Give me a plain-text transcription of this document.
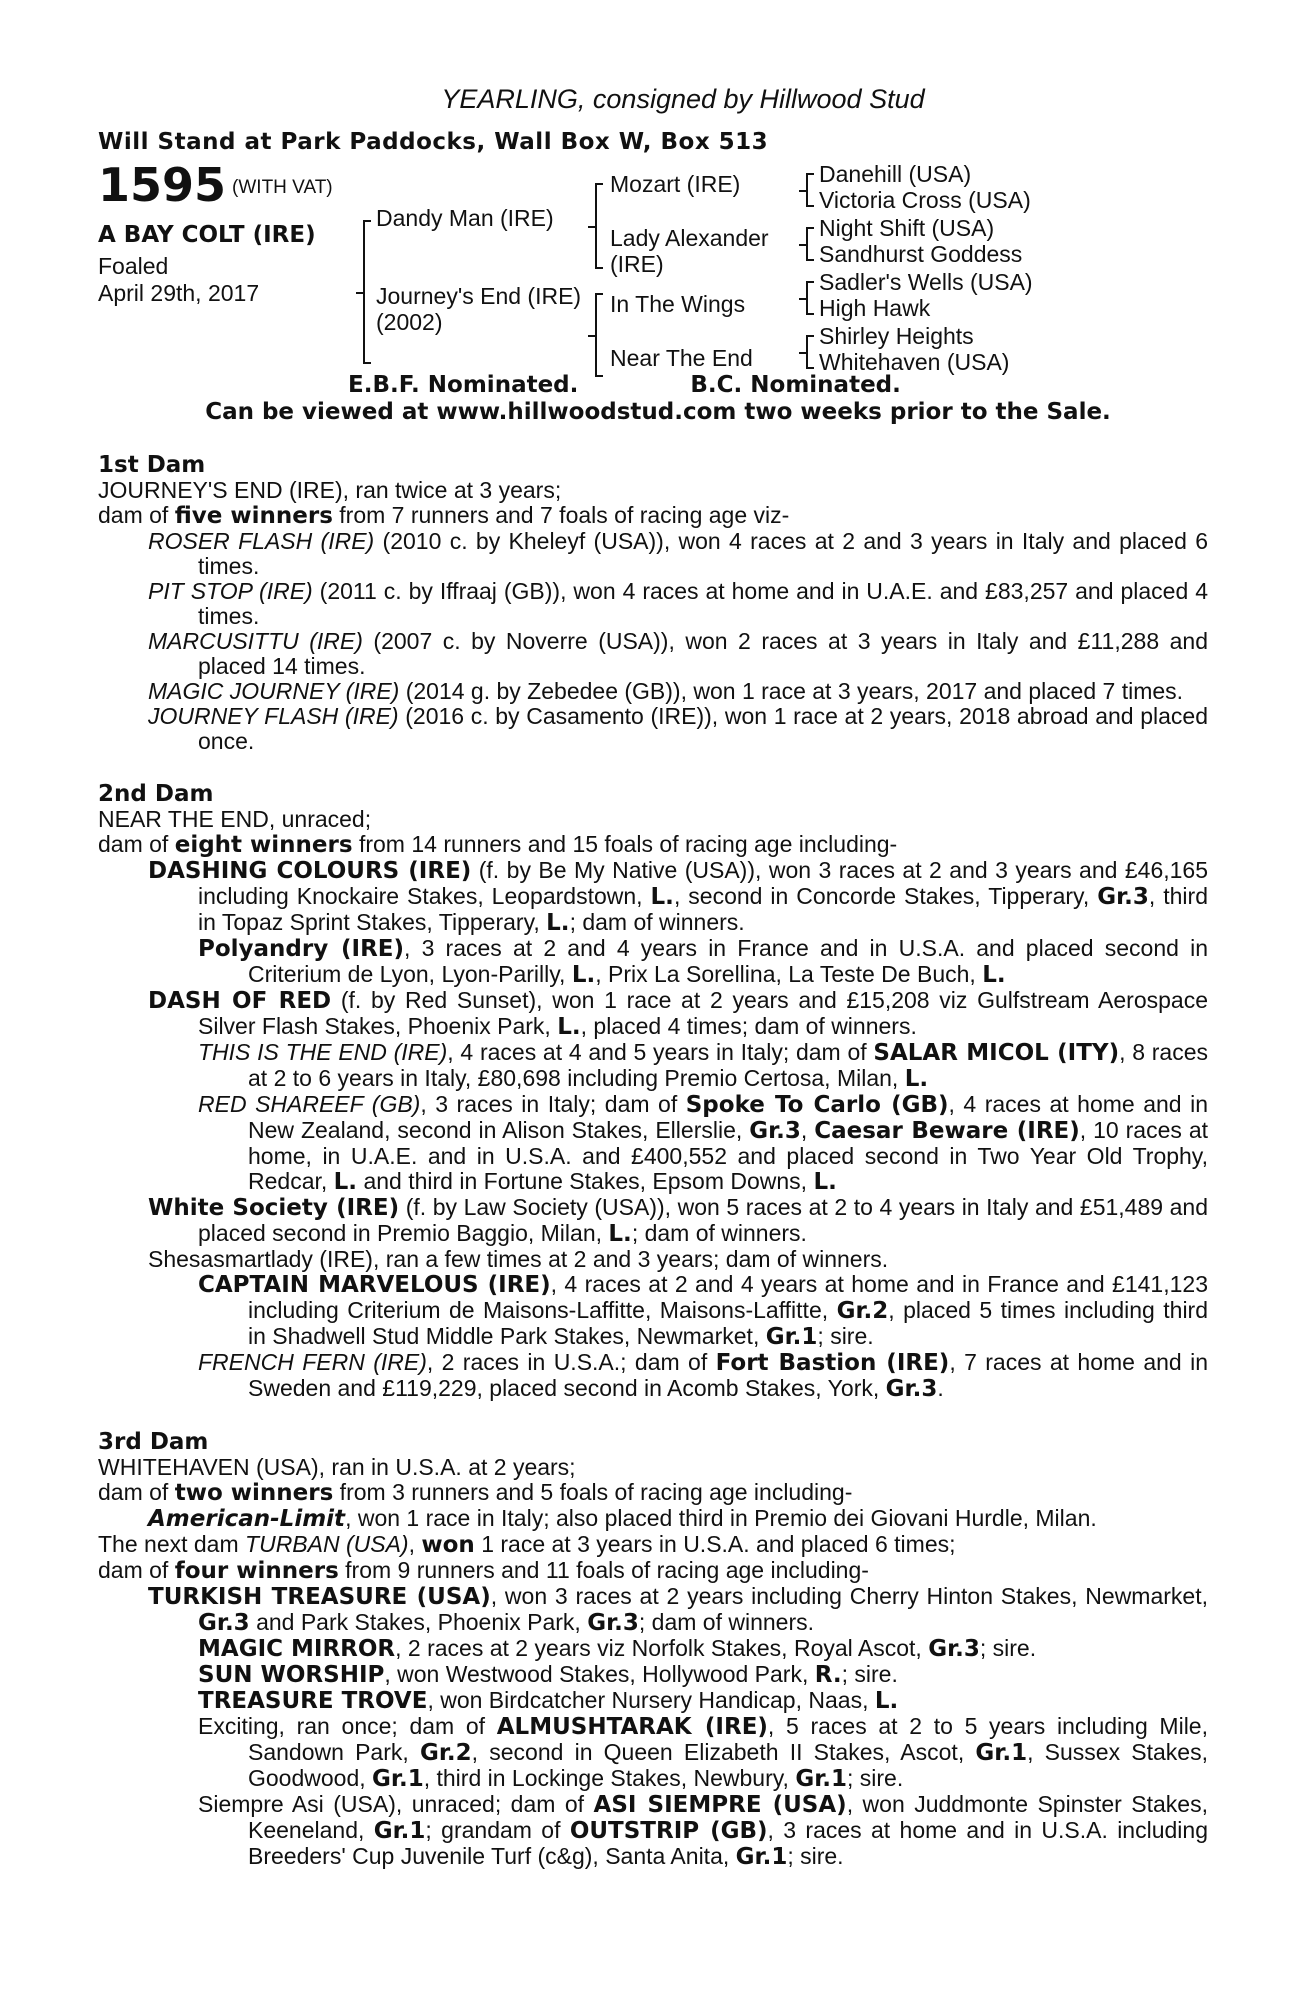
YEARLING, consigned by Hillwood Stud
Will Stand at Park Paddocks, Wall Box W, Box 513
1595 (WITH VAT)
A BAY COLT (IRE)
Foaled
April 29th, 2017
Dandy Man (IRE)
Journey's End (IRE)
(2002)
Mozart (IRE)
Lady Alexander
(IRE)
In The Wings
Near The End
Danehill (USA)
Victoria Cross (USA)
Night Shift (USA)
Sandhurst Goddess
Sadler's Wells (USA)
High Hawk
Shirley Heights
Whitehaven (USA)
E.B.F. Nominated.	B.C. Nominated.
Can be viewed at www.hillwoodstud.com two weeks prior to the Sale.
1st Dam
JOURNEY'S END (IRE), ran twice at 3 years;
dam of five winners from 7 runners and 7 foals of racing age viz-
ROSER FLASH (IRE) (2010 c. by Kheleyf (USA)), won 4 races at 2 and 3 years in Italy and placed 6 times.
PIT STOP (IRE) (2011 c. by Iffraaj (GB)), won 4 races at home and in U.A.E. and £83,257 and placed 4 times.
MARCUSITTU (IRE) (2007 c. by Noverre (USA)), won 2 races at 3 years in Italy and £11,288 and placed 14 times.
MAGIC JOURNEY (IRE) (2014 g. by Zebedee (GB)), won 1 race at 3 years, 2017 and placed 7 times.
JOURNEY FLASH (IRE) (2016 c. by Casamento (IRE)), won 1 race at 2 years, 2018 abroad and placed once.
2nd Dam
NEAR THE END, unraced;
dam of eight winners from 14 runners and 15 foals of racing age including-
DASHING COLOURS (IRE) (f. by Be My Native (USA)), won 3 races at 2 and 3 years and £46,165 including Knockaire Stakes, Leopardstown, L., second in Concorde Stakes, Tipperary, Gr.3, third in Topaz Sprint Stakes, Tipperary, L.; dam of winners.
Polyandry (IRE), 3 races at 2 and 4 years in France and in U.S.A. and placed second in Criterium de Lyon, Lyon-Parilly, L., Prix La Sorellina, La Teste De Buch, L.
DASH OF RED (f. by Red Sunset), won 1 race at 2 years and £15,208 viz Gulfstream Aerospace Silver Flash Stakes, Phoenix Park, L., placed 4 times; dam of winners.
THIS IS THE END (IRE), 4 races at 4 and 5 years in Italy; dam of SALAR MICOL (ITY), 8 races at 2 to 6 years in Italy, £80,698 including Premio Certosa, Milan, L.
RED SHAREEF (GB), 3 races in Italy; dam of Spoke To Carlo (GB), 4 races at home and in New Zealand, second in Alison Stakes, Ellerslie, Gr.3, Caesar Beware (IRE), 10 races at home, in U.A.E. and in U.S.A. and £400,552 and placed second in Two Year Old Trophy, Redcar, L. and third in Fortune Stakes, Epsom Downs, L.
White Society (IRE) (f. by Law Society (USA)), won 5 races at 2 to 4 years in Italy and £51,489 and placed second in Premio Baggio, Milan, L.; dam of winners.
Shesasmartlady (IRE), ran a few times at 2 and 3 years; dam of winners.
CAPTAIN MARVELOUS (IRE), 4 races at 2 and 4 years at home and in France and £141,123 including Criterium de Maisons-Laffitte, Maisons-Laffitte, Gr.2, placed 5 times including third in Shadwell Stud Middle Park Stakes, Newmarket, Gr.1; sire.
FRENCH FERN (IRE), 2 races in U.S.A.; dam of Fort Bastion (IRE), 7 races at home and in Sweden and £119,229, placed second in Acomb Stakes, York, Gr.3.
3rd Dam
WHITEHAVEN (USA), ran in U.S.A. at 2 years;
dam of two winners from 3 runners and 5 foals of racing age including-
American-Limit, won 1 race in Italy; also placed third in Premio dei Giovani Hurdle, Milan.
The next dam TURBAN (USA), won 1 race at 3 years in U.S.A. and placed 6 times;
dam of four winners from 9 runners and 11 foals of racing age including-
TURKISH TREASURE (USA), won 3 races at 2 years including Cherry Hinton Stakes, Newmarket, Gr.3 and Park Stakes, Phoenix Park, Gr.3; dam of winners.
MAGIC MIRROR, 2 races at 2 years viz Norfolk Stakes, Royal Ascot, Gr.3; sire.
SUN WORSHIP, won Westwood Stakes, Hollywood Park, R.; sire.
TREASURE TROVE, won Birdcatcher Nursery Handicap, Naas, L.
Exciting, ran once; dam of ALMUSHTARAK (IRE), 5 races at 2 to 5 years including Mile, Sandown Park, Gr.2, second in Queen Elizabeth II Stakes, Ascot, Gr.1, Sussex Stakes, Goodwood, Gr.1, third in Lockinge Stakes, Newbury, Gr.1; sire.
Siempre Asi (USA), unraced; dam of ASI SIEMPRE (USA), won Juddmonte Spinster Stakes, Keeneland, Gr.1; grandam of OUTSTRIP (GB), 3 races at home and in U.S.A. including Breeders' Cup Juvenile Turf (c&g), Santa Anita, Gr.1; sire.
